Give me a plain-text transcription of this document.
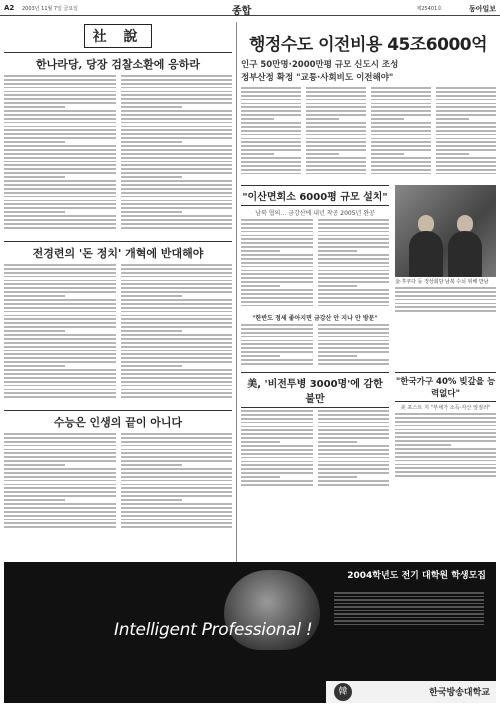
A2 2003년 11월 7일 금요일	종합	제25401호	동아일보
社 說
한나라당, 당장 검찰소환에 응하라
전경련의 '돈 정치' 개혁에 반대해야
수능은 인생의 끝이 아니다
행정수도 이전비용 45조6000억
인구 50만명·2000만평 규모 신도시 조성
정부산정 확정 "교통·사회비도 이전해야"
"이산면회소 6000평 규모 설치"
남북 협의… 금강산에 내년 착공 2005년 완공
"한반도 정세 좋아지면 금강산 안 지나 안 방문"
金·후쿠다 등 정상회담 남북 수뇌 위해 만남
美, '비전투병 3000명'에 감한 불만
"한국가구 40% 빚갚을 능력없다"
美 포스트 지 "부채가 소득·자산 앞질러"
2004학년도 전기 대학원 학생모집
Intelligent Professional !
韓	한국방송대학교
